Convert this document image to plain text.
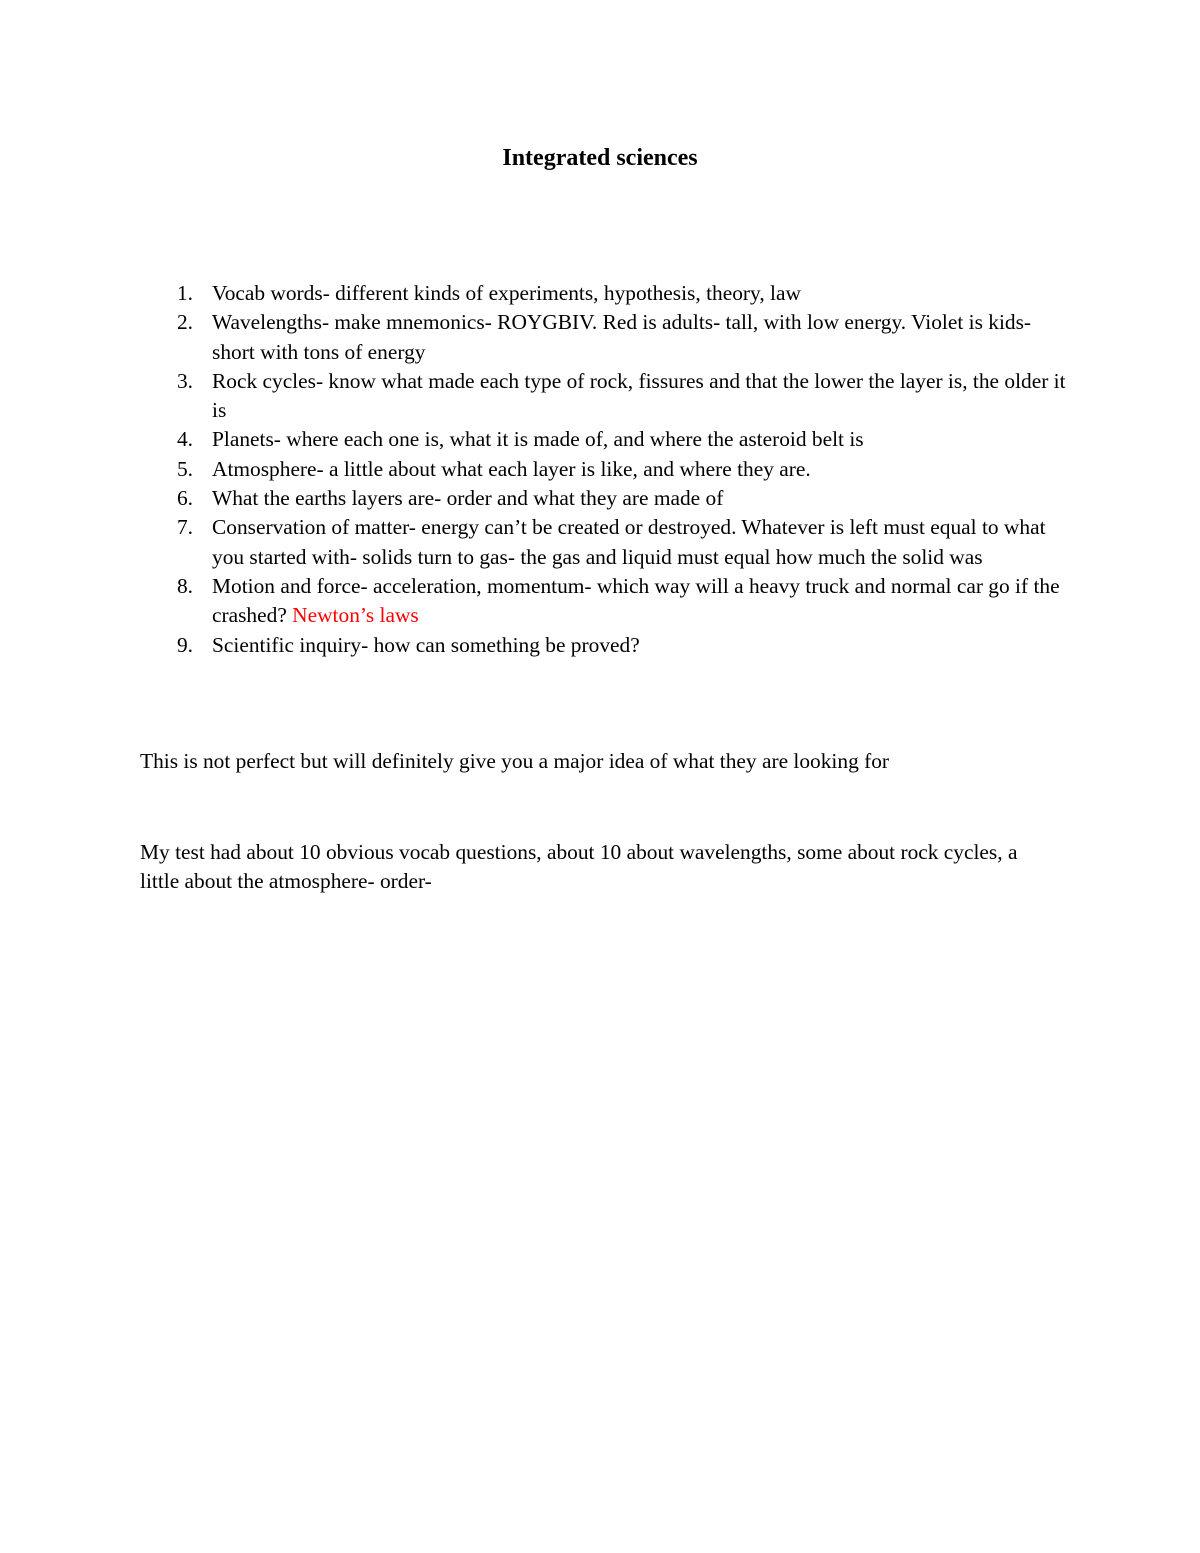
Integrated sciences
1. Vocab words- different kinds of experiments, hypothesis, theory, law
2. Wavelengths- make mnemonics- ROYGBIV. Red is adults- tall, with low energy. Violet is kids- short with tons of energy
3. Rock cycles- know what made each type of rock, fissures and that the lower the layer is, the older it is
4. Planets- where each one is, what it is made of, and where the asteroid belt is
5. Atmosphere- a little about what each layer is like, and where they are.
6. What the earths layers are- order and what they are made of
7. Conservation of matter- energy can’t be created or destroyed. Whatever is left must equal to what you started with- solids turn to gas- the gas and liquid must equal how much the solid was
8. Motion and force- acceleration, momentum- which way will a heavy truck and normal car go if the crashed? Newton’s laws
9. Scientific inquiry- how can something be proved?

This is not perfect but will definitely give you a major idea of what they are looking for

My test had about 10 obvious vocab questions, about 10 about wavelengths, some about rock cycles, a little about the atmosphere- order-
